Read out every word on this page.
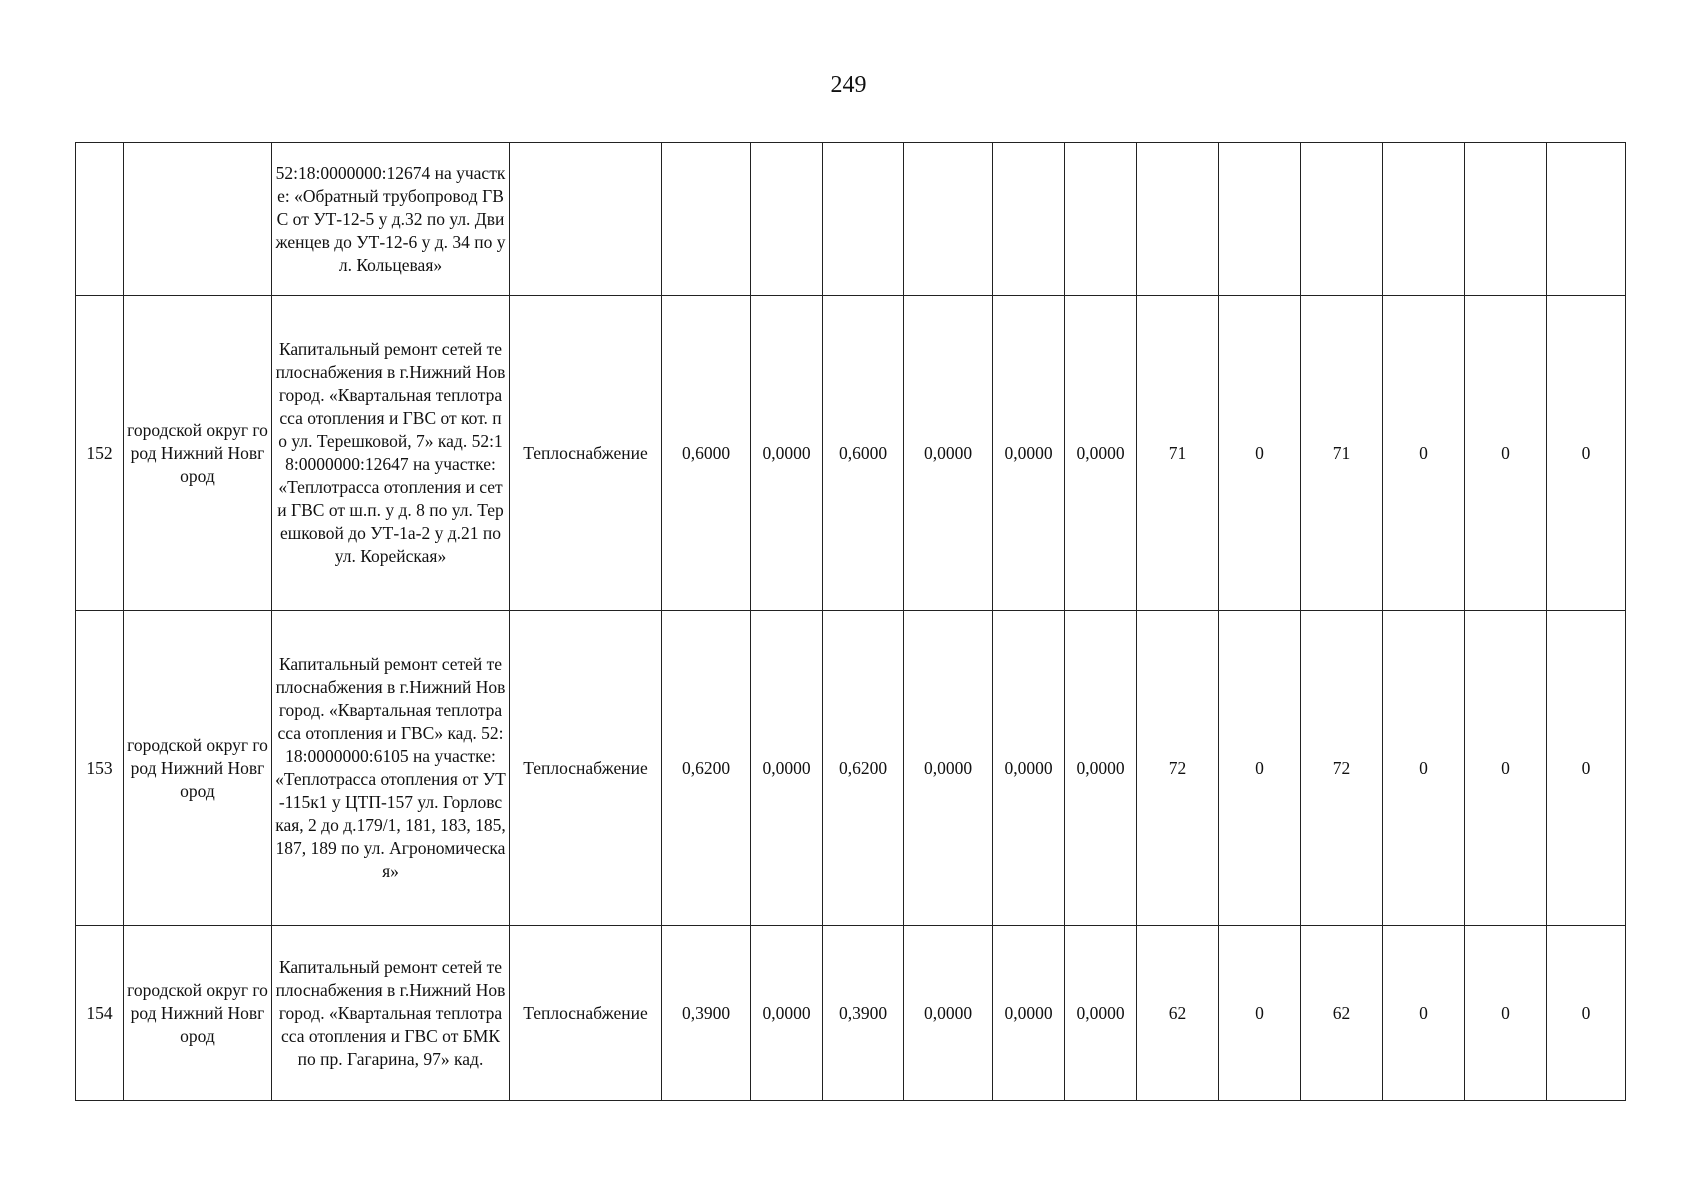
249
		52:18:0000000:12674 на участке: «Обратный трубопровод ГВС от УТ-12-5 у д.32 по ул. Движенцев до УТ-12-6 у д. 34 по ул. Кольцевая»													
152	городской округ город Нижний Новгород	Капитальный ремонт сетей теплоснабжения в г.Нижний Новгород. «Квартальная теплотрасса отопления и ГВС от кот. по ул. Терешковой, 7» кад. 52:18:0000000:12647 на участке: «Теплотрасса отопления и сети ГВС от ш.п. у д. 8 по ул. Терешковой до УТ-1а-2 у д.21 по ул. Корейская»	Теплоснабжение	0,6000	0,0000	0,6000	0,0000	0,0000	0,0000	71	0	71	0	0	0
153	городской округ город Нижний Новгород	Капитальный ремонт сетей теплоснабжения в г.Нижний Новгород. «Квартальная теплотрасса отопления и ГВС» кад. 52:18:0000000:6105 на участке: «Теплотрасса отопления от УТ-115к1 у ЦТП-157 ул. Горловская, 2 до д.179/1, 181, 183, 185, 187, 189 по ул. Агрономическая»	Теплоснабжение	0,6200	0,0000	0,6200	0,0000	0,0000	0,0000	72	0	72	0	0	0
154	городской округ город Нижний Новгород	Капитальный ремонт сетей теплоснабжения в г.Нижний Новгород. «Квартальная теплотрасса отопления и ГВС от БМК по пр. Гагарина, 97» кад.	Теплоснабжение	0,3900	0,0000	0,3900	0,0000	0,0000	0,0000	62	0	62	0	0	0
